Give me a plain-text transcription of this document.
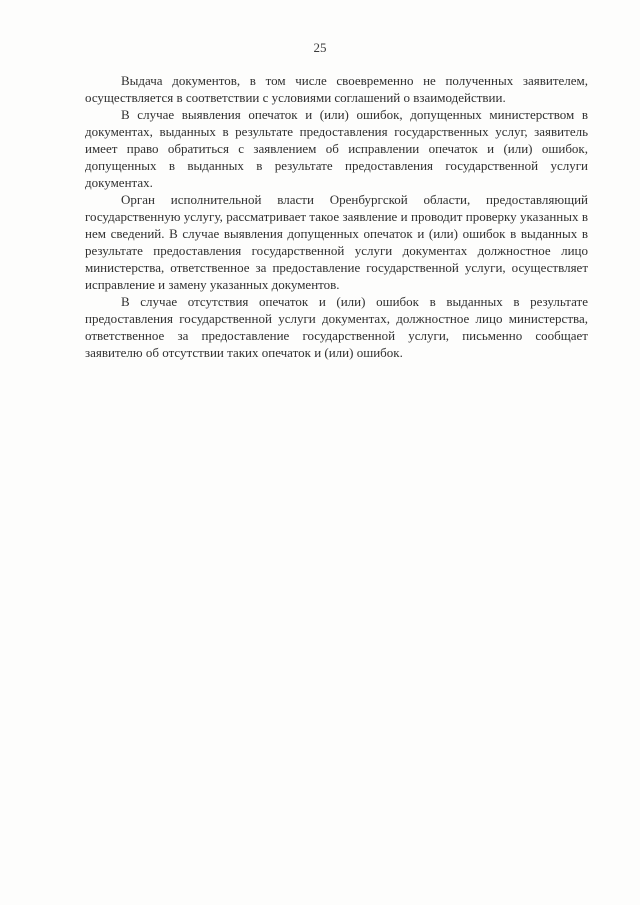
25

Выдача документов, в том числе своевременно не полученных заявителем, осуществляется в соответствии с условиями соглашений о взаимодействии.

В случае выявления опечаток и (или) ошибок, допущенных министерством в документах, выданных в результате предоставления государственных услуг, заявитель имеет право обратиться с заявлением об исправлении опечаток и (или) ошибок, допущенных в выданных в результате предоставления государственной услуги документах.

Орган исполнительной власти Оренбургской области, предоставляющий государственную услугу, рассматривает такое заявление и проводит проверку указанных в нем сведений. В случае выявления допущенных опечаток и (или) ошибок в выданных в результате предоставления государственной услуги документах должностное лицо министерства, ответственное за предоставление государственной услуги, осуществляет исправление и замену указанных документов.

В случае отсутствия опечаток и (или) ошибок в выданных в результате предоставления государственной услуги документах, должностное лицо министерства, ответственное за предоставление государственной услуги, письменно сообщает заявителю об отсутствии таких опечаток и (или) ошибок.
